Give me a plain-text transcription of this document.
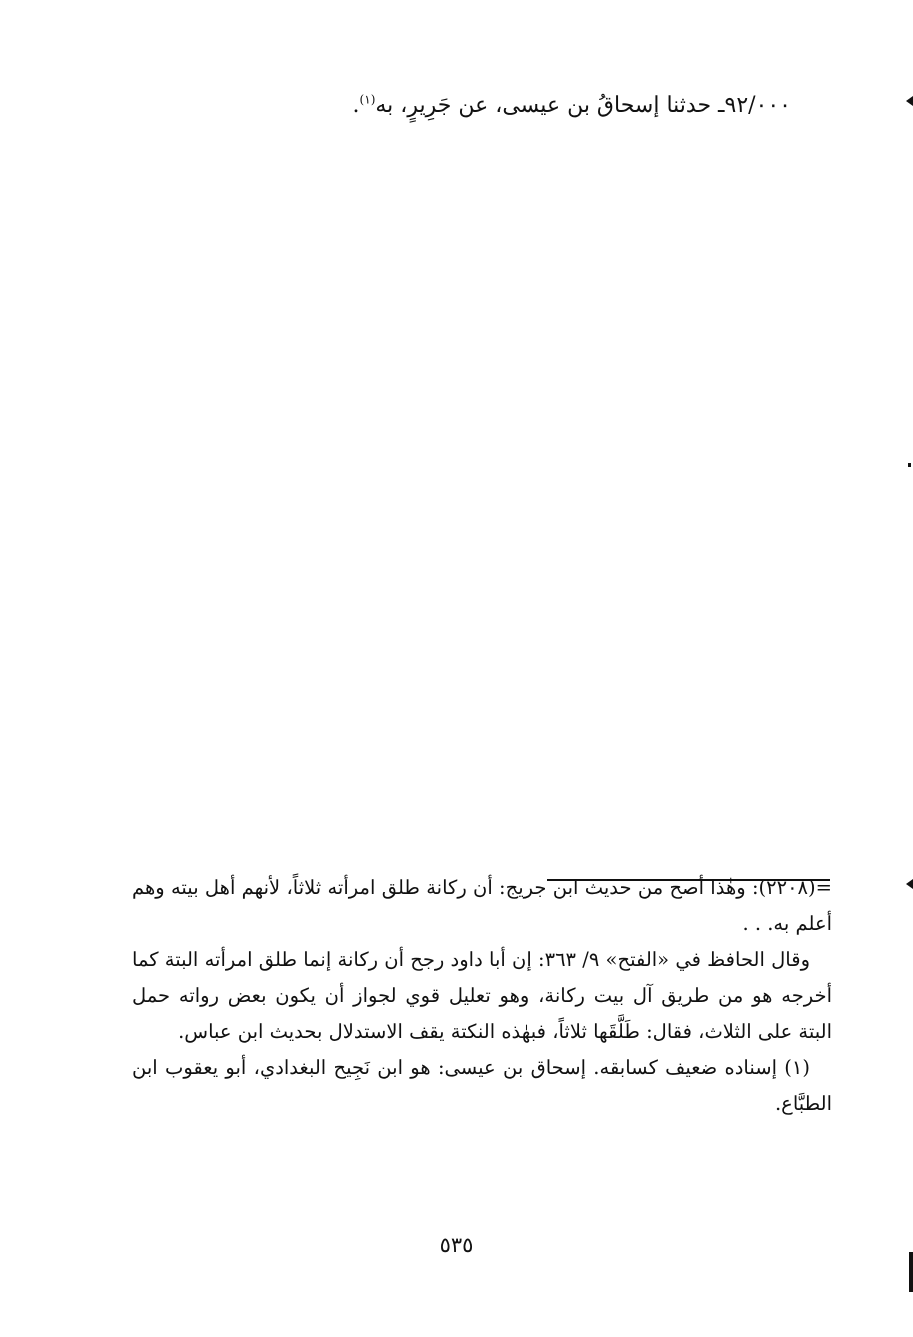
٩٢/٠٠٠ـ حدثنا إسحاقُ بن عيسى، عن جَرِيرٍ، به$^{(١)}$.

=(٢٢٠٨): وهٰذا أصح من حديث ابن جريج: أن ركانة طلق امرأته ثلاثاً، لأنهم أهل بيته وهم أعلم به. . .

وقال الحافظ في «الفتح» ٩/ ٣٦٣: إن أبا داود رجح أن ركانة إنما طلق امرأته البتة كما أخرجه هو من طريق آل بيت ركانة، وهو تعليل قوي لجواز أن يكون بعض رواته حمل البتة على الثلاث، فقال: طَلَّقَها ثلاثاً، فبهٰذه النكتة يقف الاستدلال بحديث ابن عباس.

(١) إسناده ضعيف كسابقه. إسحاق بن عيسى: هو ابن نَجِيح البغدادي، أبو يعقوب ابن الطبَّاع.

٥٣٥
